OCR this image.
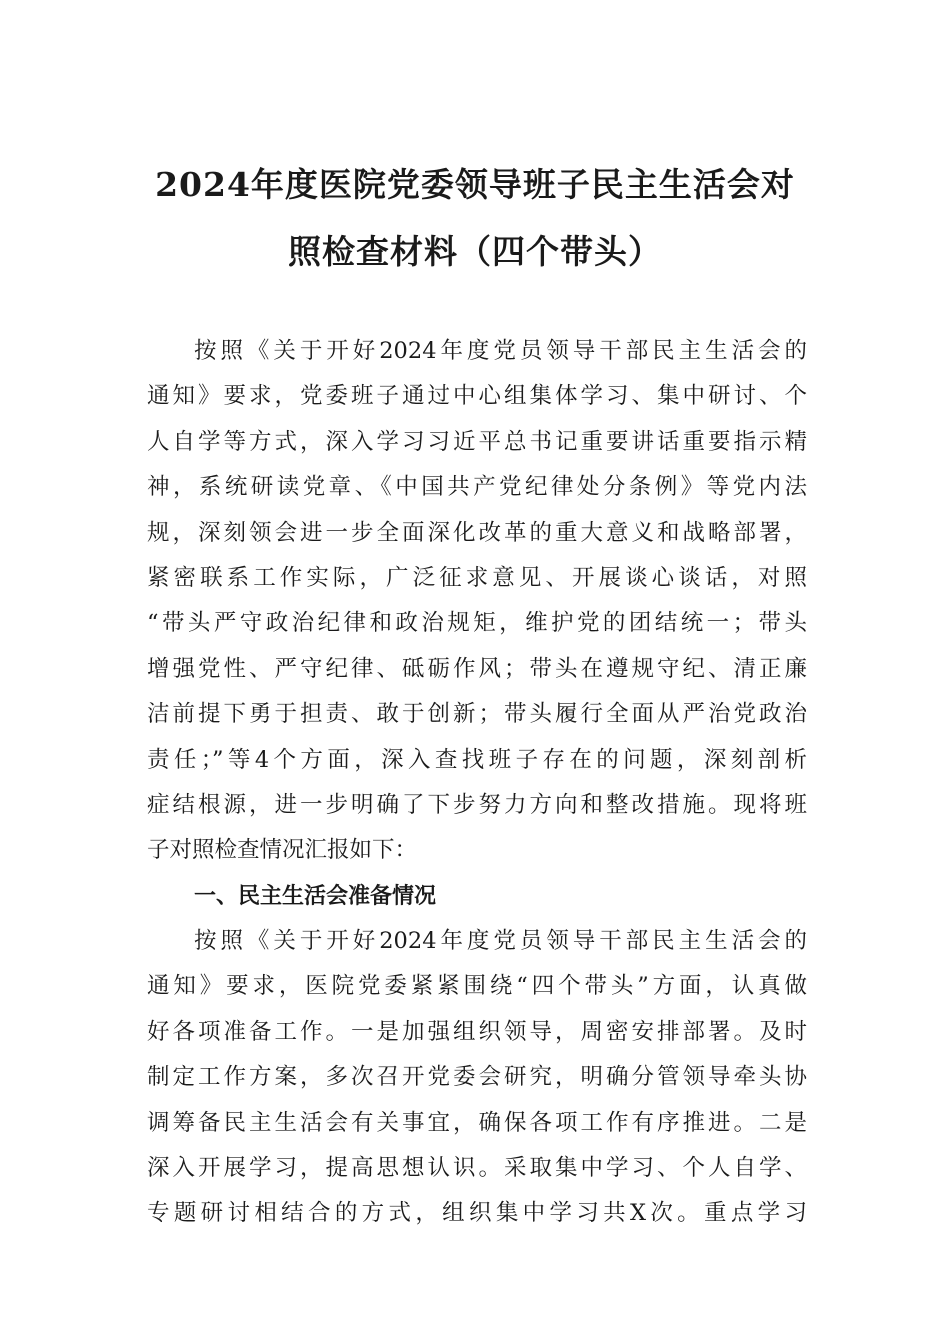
2024年度医院党委领导班子民主生活会对
照检查材料（四个带头）
按照《关于开好2024年度党员领导干部民主生活会的
通知》要求，党委班子通过中心组集体学习、集中研讨、个
人自学等方式，深入学习习近平总书记重要讲话重要指示精
神，系统研读党章、《中国共产党纪律处分条例》等党内法
规，深刻领会进一步全面深化改革的重大意义和战略部署，
紧密联系工作实际，广泛征求意见、开展谈心谈话，对照
“带头严守政治纪律和政治规矩，维护党的团结统一；带头
增强党性、严守纪律、砥砺作风；带头在遵规守纪、清正廉
洁前提下勇于担责、敢于创新；带头履行全面从严治党政治
责任；”等4个方面，深入查找班子存在的问题，深刻剖析
症结根源，进一步明确了下步努力方向和整改措施。现将班
子对照检查情况汇报如下：
一、民主生活会准备情况
按照《关于开好2024年度党员领导干部民主生活会的
通知》要求，医院党委紧紧围绕“四个带头”方面，认真做
好各项准备工作。一是加强组织领导，周密安排部署。及时
制定工作方案，多次召开党委会研究，明确分管领导牵头协
调筹备民主生活会有关事宜，确保各项工作有序推进。二是
深入开展学习，提高思想认识。采取集中学习、个人自学、
专题研讨相结合的方式，组织集中学习共X次。重点学习
